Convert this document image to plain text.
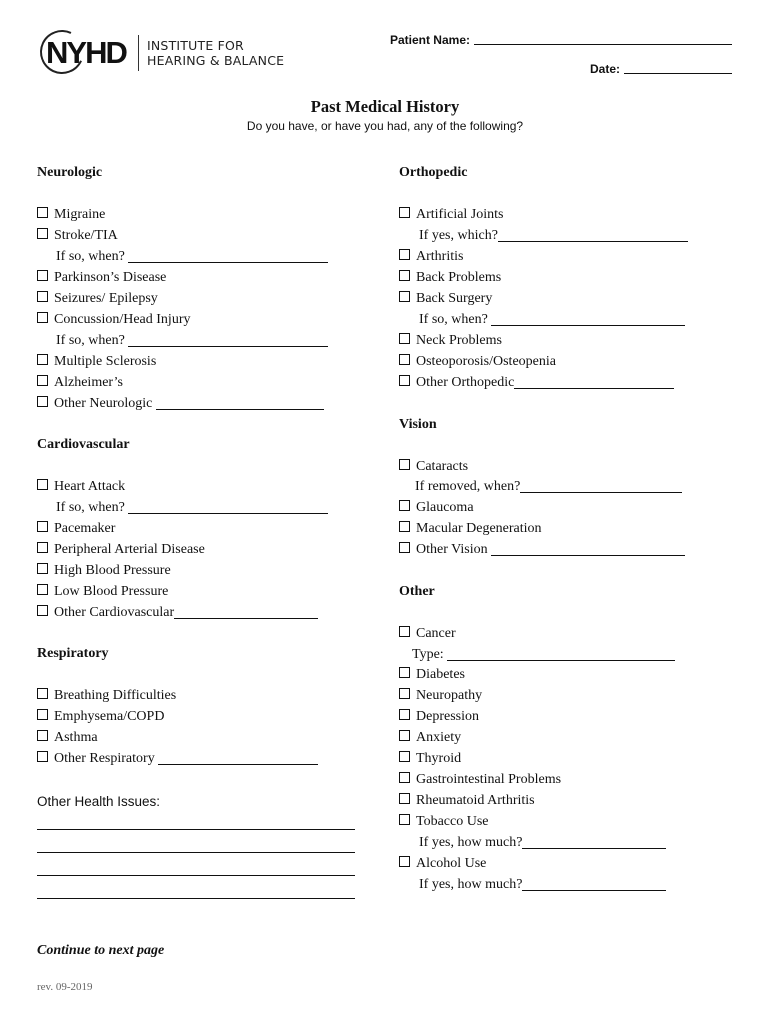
NYHD INSTITUTE FOR
HEARING & BALANCE
Patient Name:
Date:
Past Medical History
Do you have, or have you had, any of the following?
Neurologic
Migraine
Stroke/TIA
If so, when?
Parkinson’s Disease
Seizures/ Epilepsy
Concussion/Head Injury
If so, when?
Multiple Sclerosis
Alzheimer’s
Other Neurologic
Cardiovascular
Heart Attack
If so, when?
Pacemaker
Peripheral Arterial Disease
High Blood Pressure
Low Blood Pressure
Other Cardiovascular
Respiratory
Breathing Difficulties
Emphysema/COPD
Asthma
Other Respiratory
Other Health Issues:
Continue to next page
rev. 09-2019
Orthopedic
Artificial Joints
If yes, which?
Arthritis
Back Problems
Back Surgery
If so, when?
Neck Problems
Osteoporosis/Osteopenia
Other Orthopedic
Vision
Cataracts
If removed, when?
Glaucoma
Macular Degeneration
Other Vision
Other
Cancer
Type:
Diabetes
Neuropathy
Depression
Anxiety
Thyroid
Gastrointestinal Problems
Rheumatoid Arthritis
Tobacco Use
If yes, how much?
Alcohol Use
If yes, how much?
